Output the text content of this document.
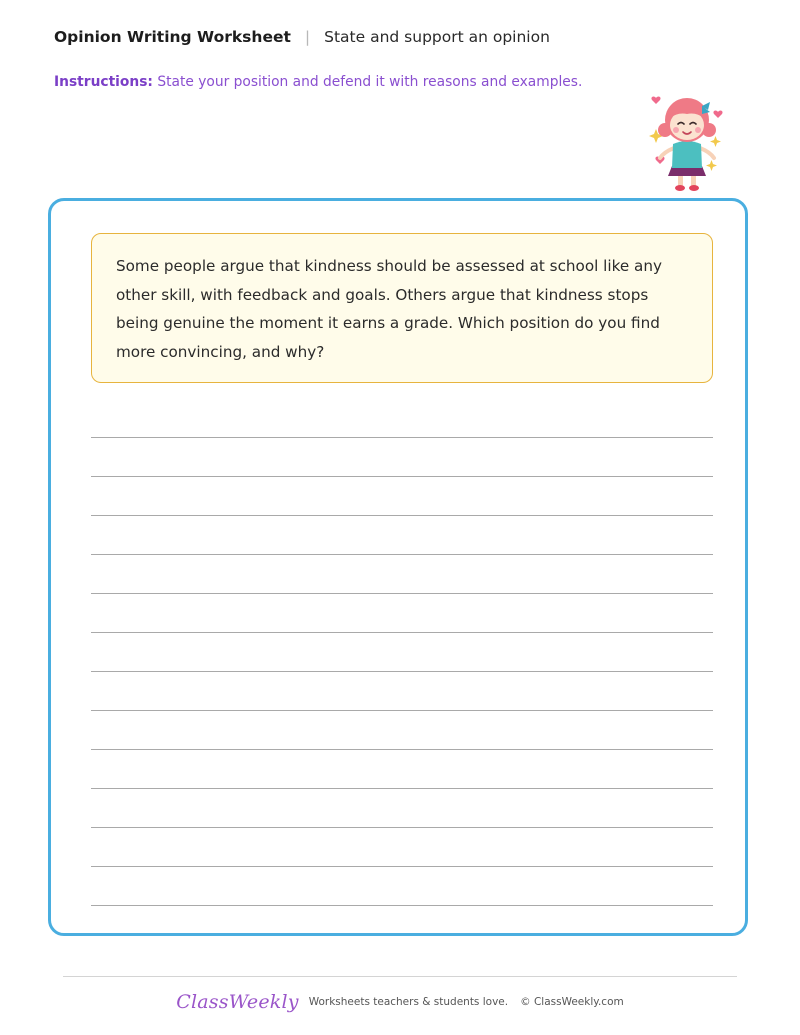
Opinion Writing Worksheet | State and support an opinion
Instructions: State your position and defend it with reasons and examples.
Some people argue that kindness should be assessed at school like any other skill, with feedback and goals. Others argue that kindness stops being genuine the moment it earns a grade. Which position do you find more convincing, and why?
ClassWeekly Worksheets teachers & students love. © ClassWeekly.com
